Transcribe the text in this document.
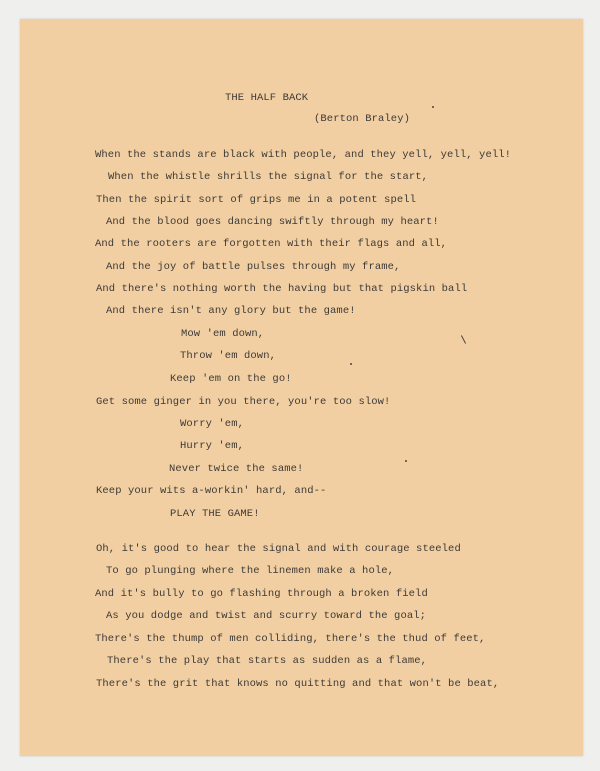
THE HALF BACK

(Berton Braley)

When the stands are black with people, and they yell, yell, yell!

When the whistle shrills the signal for the start,

Then the spirit sort of grips me in a potent spell

And the blood goes dancing swiftly through my heart!

And the rooters are forgotten with their flags and all,

And the joy of battle pulses through my frame,

And there's nothing worth the having but that pigskin ball

And there isn't any glory but the game!

Mow 'em down,

Throw 'em down,

Keep 'em on the go!

Get some ginger in you there, you're too slow!

Worry 'em,

Hurry 'em,

Never twice the same!

Keep your wits a-workin' hard, and--

PLAY THE GAME!

Oh, it's good to hear the signal and with courage steeled

To go plunging where the linemen make a hole,

And it's bully to go flashing through a broken field

As you dodge and twist and scurry toward the goal;

There's the thump of men colliding, there's the thud of feet,

There's the play that starts as sudden as a flame,

There's the grit that knows no quitting and that won't be beat,
